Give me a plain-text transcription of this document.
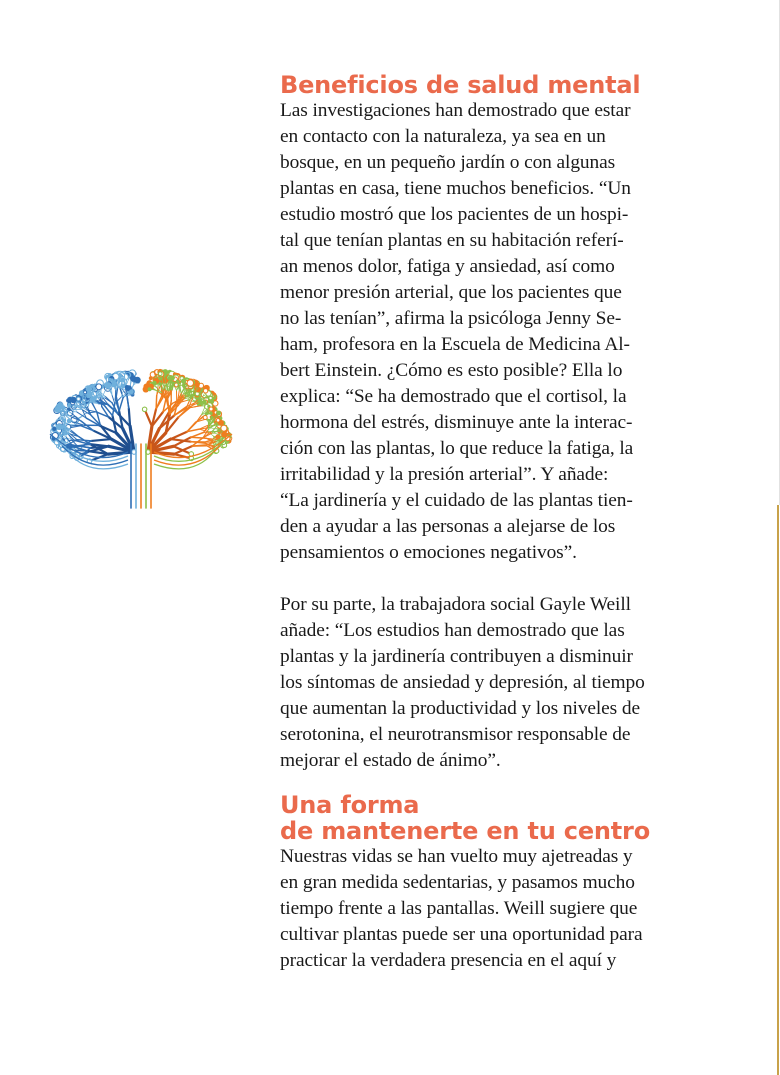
Beneficios de salud mental

Las investigaciones han demostrado que estar
en contacto con la naturaleza, ya sea en un
bosque, en un pequeño jardín o con algunas
plantas en casa, tiene muchos beneficios. “Un
estudio mostró que los pacientes de un hospi-
tal que tenían plantas en su habitación referí-
an menos dolor, fatiga y ansiedad, así como
menor presión arterial, que los pacientes que
no las tenían”, afirma la psicóloga Jenny Se-
ham, profesora en la Escuela de Medicina Al-
bert Einstein. ¿Cómo es esto posible? Ella lo
explica: “Se ha demostrado que el cortisol, la
hormona del estrés, disminuye ante la interac-
ción con las plantas, lo que reduce la fatiga, la
irritabilidad y la presión arterial”. Y añade:
“La jardinería y el cuidado de las plantas tien-
den a ayudar a las personas a alejarse de los
pensamientos o emociones negativos”.

Por su parte, la trabajadora social Gayle Weill
añade: “Los estudios han demostrado que las
plantas y la jardinería contribuyen a disminuir
los síntomas de ansiedad y depresión, al tiempo
que aumentan la productividad y los niveles de
serotonina, el neurotransmisor responsable de
mejorar el estado de ánimo”.

Una forma
de mantenerte en tu centro

Nuestras vidas se han vuelto muy ajetreadas y
en gran medida sedentarias, y pasamos mucho
tiempo frente a las pantallas. Weill sugiere que
cultivar plantas puede ser una oportunidad para
practicar la verdadera presencia en el aquí y
